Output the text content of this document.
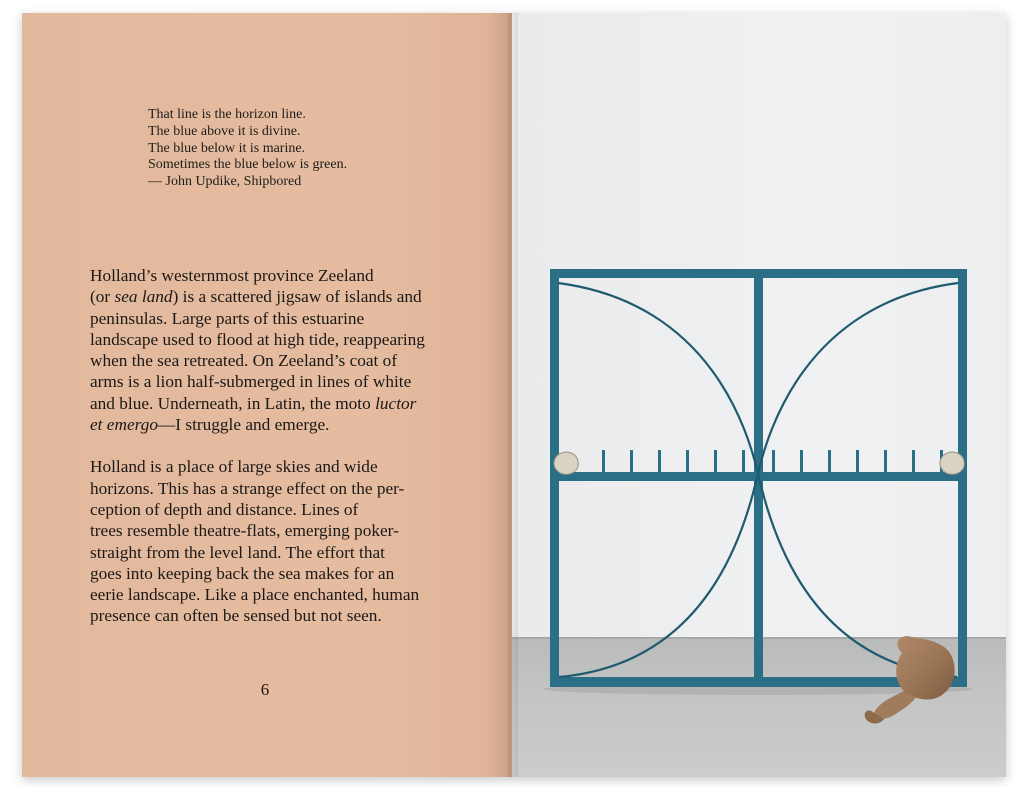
That line is the horizon line.
The blue above it is divine.
The blue below it is marine.
Sometimes the blue below is green.
— John Updike, Shipbored
Holland’s westernmost province Zeeland
(or sea land) is a scattered jigsaw of islands and
peninsulas. Large parts of this estuarine
landscape used to flood at high tide, reappearing
when the sea retreated. On Zeeland’s coat of
arms is a lion half-submerged in lines of white
and blue. Underneath, in Latin, the moto luctor
et emergo—I struggle and emerge.
Holland is a place of large skies and wide
horizons. This has a strange effect on the per-
ception of depth and distance. Lines of
trees resemble theatre-flats, emerging poker-
straight from the level land. The effort that
goes into keeping back the sea makes for an
eerie landscape. Like a place enchanted, human
presence can often be sensed but not seen.
6
